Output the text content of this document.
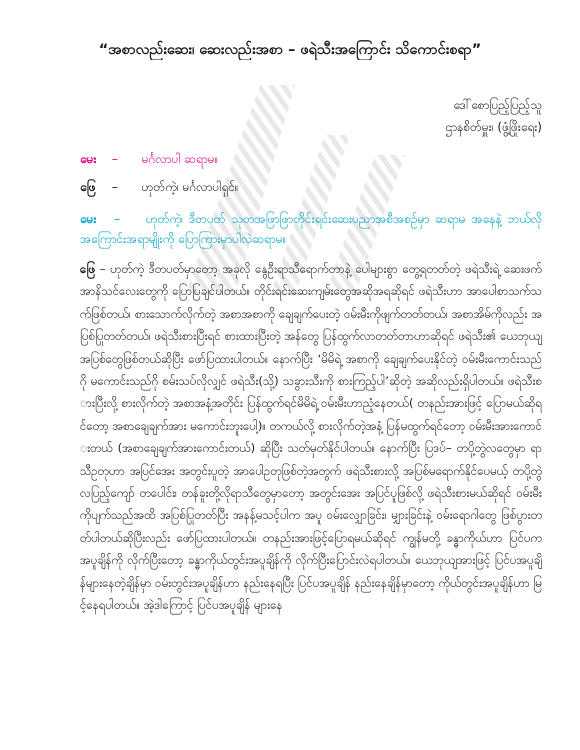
“အစာလည်းဆေး၊ ဆေးလည်းအစာ – ဖရဲသီးအကြောင်း သိကောင်းစရာ”
ဒေါ်စောပြည့်ပြည့်သူ
ဌာနစိတ်မှူး၊ (ဖွံ့ဖြိုးရေး)
မေး – မင်္ဂလာပါ ဆရာမ။
ဖြေ – ဟုတ်ကဲ့၊ မင်္ဂလာပါရှင်။
မေး – ဟုတ်ကဲ့၊ ဒီတပတ် သုတအဖြာဖြာတိုင်းရင်းဆေးပညာအစီအစဉ်မှာ ဆရာမ အနေနဲ့ ဘယ်လိုအကြောင်းအရာမျိုးကို ပြောကြားမှာပါလဲဆရာမ။
ဖြေ – ဟုတ်ကဲ့ ဒီတပတ်မှာတော့ အခုလို နွေဦးရာသီရောက်တာနဲ့ ပေါများစွာ တွေ့ရတတ်တဲ့ ဖရဲသီးရဲ့ ဆေးဖက်အာနိသင်လေးတွေကို ပြောပြချင်ပါတယ်။ တိုင်းရင်းဆေးကျမ်းတွေအဆိုအရဆိုရင် ဖရဲသီးဟာ အာပေါစာသက်သက်ဖြစ်တယ်၊ စားသောက်လိုက်တဲ့ အစာအစာကို ချေချက်ပေးတဲ့ ဝမ်းမီးကိုဖျက်တတ်တယ်၊ အစာအိမ်ကိုလည်း အပြစ်ပြုတတ်တယ်၊ ဖရဲသီးစားပြီးရင် စားထားပြီးတဲ့ အန်တွေ ပြန်ထွက်လာတတ်တာဟာဆိုရင် ဖရဲသီး၏ ယေဘုယျ အပြစ်တွေဖြစ်တယ်ဆိုပြီး ဖော်ပြထားပါတယ်။ နောက်ပြီး ‘မိမိရဲ့ အစာကို ချေချက်ပေးနိုင်တဲ့ ဝမ်းမီးကောင်းသည်ဂို မကောင်းသည်ဂို စမ်းသပ်လိုလျှင် ဖရဲသီး(သို့) သခွားသီးကို စားကြည့်ပါ’ဆိုတဲ့ အဆိုလည်းရှိပါတယ်။ ဖရဲသီးစားပြီးလို့ စားလိုက်တဲ့ အစာအနံ့အတိုင်း ပြန်ထွက်ရင်မိမိရဲ့ ဝမ်းမီးဟာညံ့နေတယ်( တနည်းအားဖြင့် ပြောမယ်ဆိုရင်တော့ အစာချေချက်အား မကောင်းဘူးပေါ့)။ တကယ်လို့ စားလိုက်တဲ့အနံ့ ပြန်မထွက်ရင်တော့ ဝမ်းမီးအားကောင်းတယ် (အစာချေချက်အားကောင်းတယ်) ဆိုပြီး သတ်မှတ်နိုင်ပါတယ်။ နောက်ပြီး ပြဒပ်– တပို့တွဲလတွေမှာ ရာသီဥတုဟာ အပြင်အေး အတွင်းပူတဲ့ အာပေါဥတုဖြစ်တဲ့အတွက် ဖရဲသီးစားလို့ အပြစ်မရောက်နိုင်ပေမယ့် တပို့တွဲလပြည့်ကျော် တပေါင်း၊ တန်ခူးတို့လိုရာသီတွေမှာတော့ အတွင်းအေး အပြင်ပူဖြစ်လို့ ဖရဲသီးစားမယ်ဆိုရင် ဝမ်းမီးကိုပျက်သည်အထိ အပြစ်ပြုတတ်ပြီး အနန့်မသင့်ပါက အပူ ဝမ်းလျှောခြင်း၊ မျှားခြင်းနဲ့ ဝမ်းရောဂါတွေ ဖြစ်ပွားတတ်ပါတယ်ဆိုပြီးလည်း ဖော်ပြထားပါတယ်။ တနည်းအားဖြင့်ပြောရမယ်ဆိုရင် ကျွန်မတို့ ခန္ဓာကိုယ်ဟာ ပြင်ပက အပူချိန်ကို လိုက်ပြီးတော့ ခန္ဓာကိုယ်တွင်းအပူချိန်ကို လိုက်ပြီးပြောင်းလဲရပါတယ်။ ယေဘုယျအားဖြင့် ပြင်ပအပူချိန်များနေတဲ့ချိန်မှာ ဝမ်းတွင်းအပူချိန်ဟာ နည်းနေရပြီး ပြင်ပအပူချိန် နည်းနေချိန်မှာတော့ ကိုယ်တွင်းအပူချိန်ဟာ မြင့်နေရပါတယ်။ အဲ့ဒါကြောင့် ပြင်ပအပူချိန် များနေ
